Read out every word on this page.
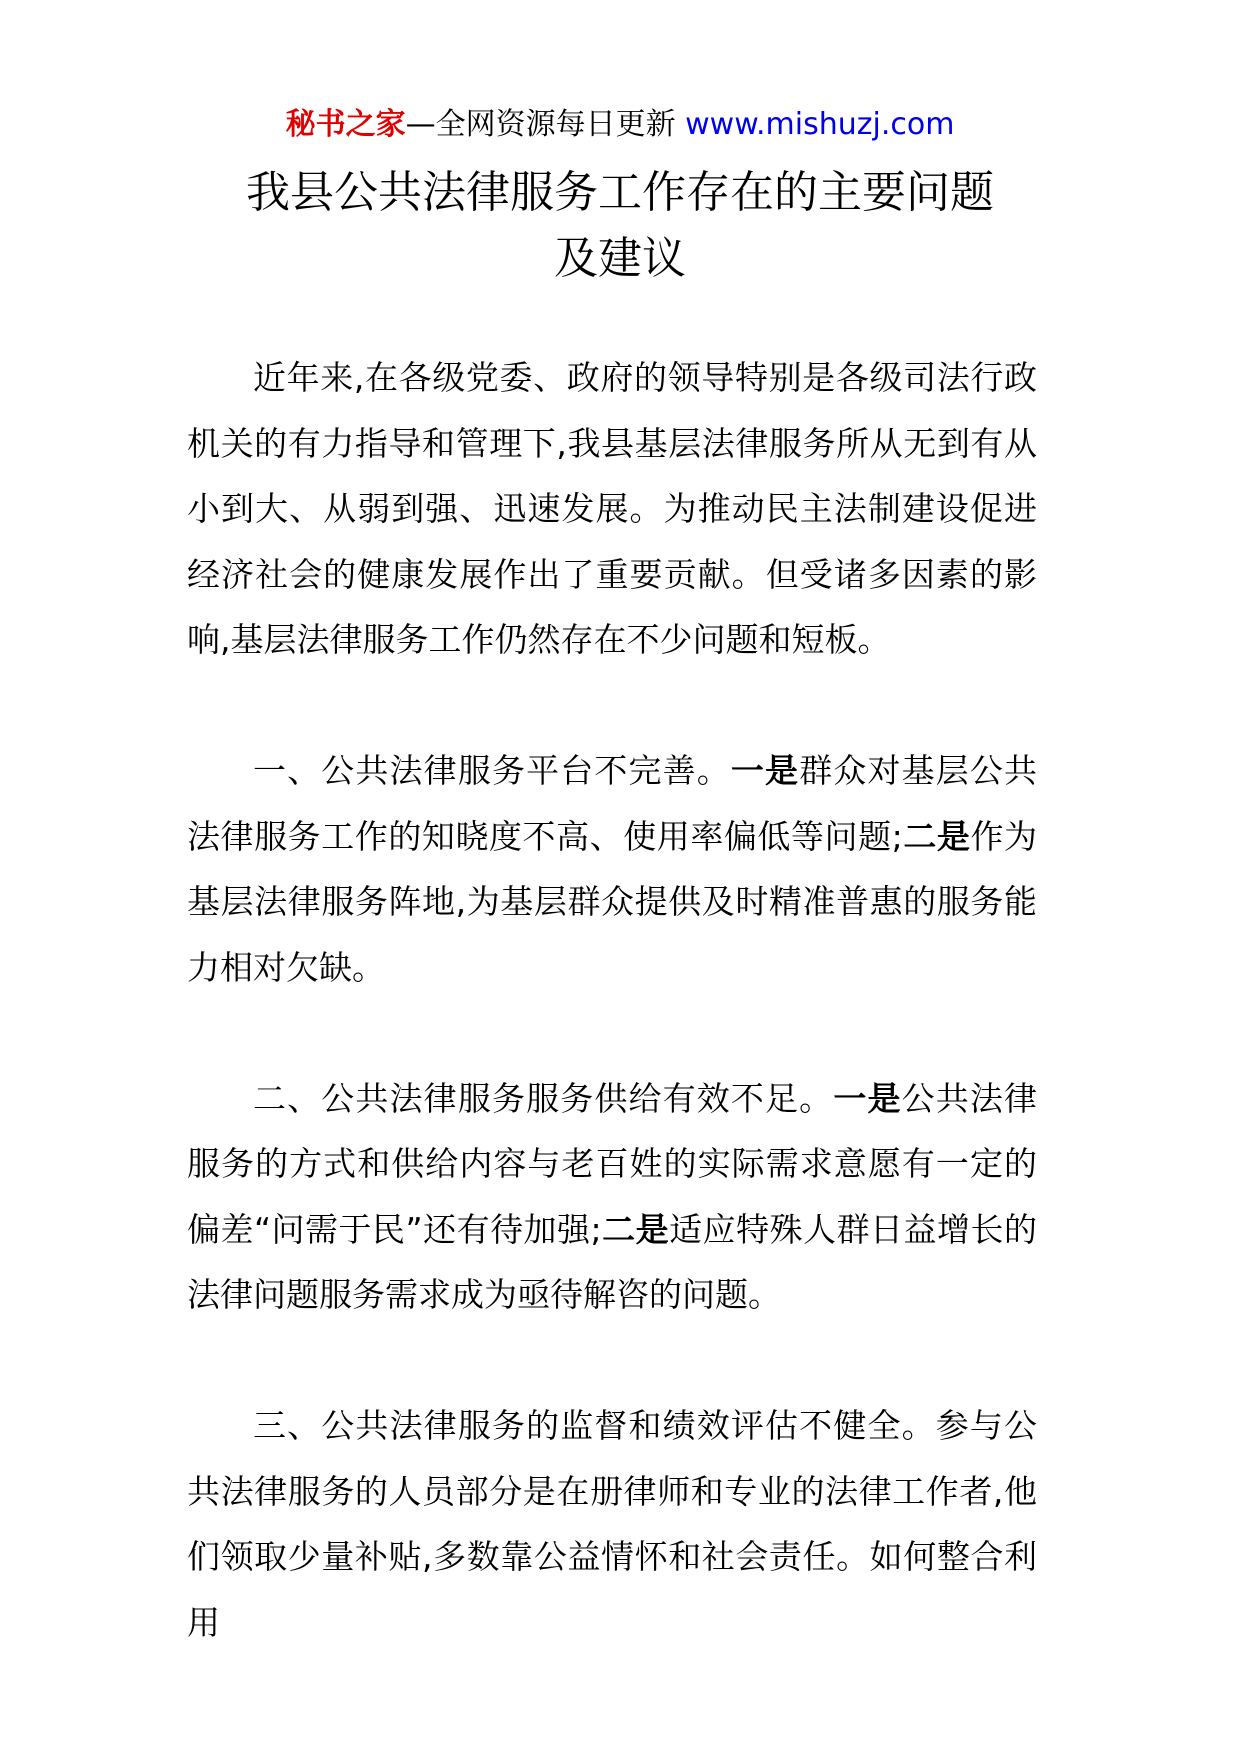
秘书之家—全网资源每日更新 www.mishuzj.com
我县公共法律服务工作存在的主要问题
及建议

近年来,在各级党委、政府的领导特别是各级司法行政机关的有力指导和管理下,我县基层法律服务所从无到有从小到大、从弱到强、迅速发展。为推动民主法制建设促进经济社会的健康发展作出了重要贡献。但受诸多因素的影响,基层法律服务工作仍然存在不少问题和短板。

一、公共法律服务平台不完善。一是群众对基层公共法律服务工作的知晓度不高、使用率偏低等问题;二是作为基层法律服务阵地,为基层群众提供及时精准普惠的服务能力相对欠缺。

二、公共法律服务服务供给有效不足。一是公共法律服务的方式和供给内容与老百姓的实际需求意愿有一定的偏差“问需于民”还有待加强;二是适应特殊人群日益增长的法律问题服务需求成为亟待解咨的问题。

三、公共法律服务的监督和绩效评估不健全。参与公共法律服务的人员部分是在册律师和专业的法律工作者,他们领取少量补贴,多数靠公益情怀和社会责任。如何整合利用
